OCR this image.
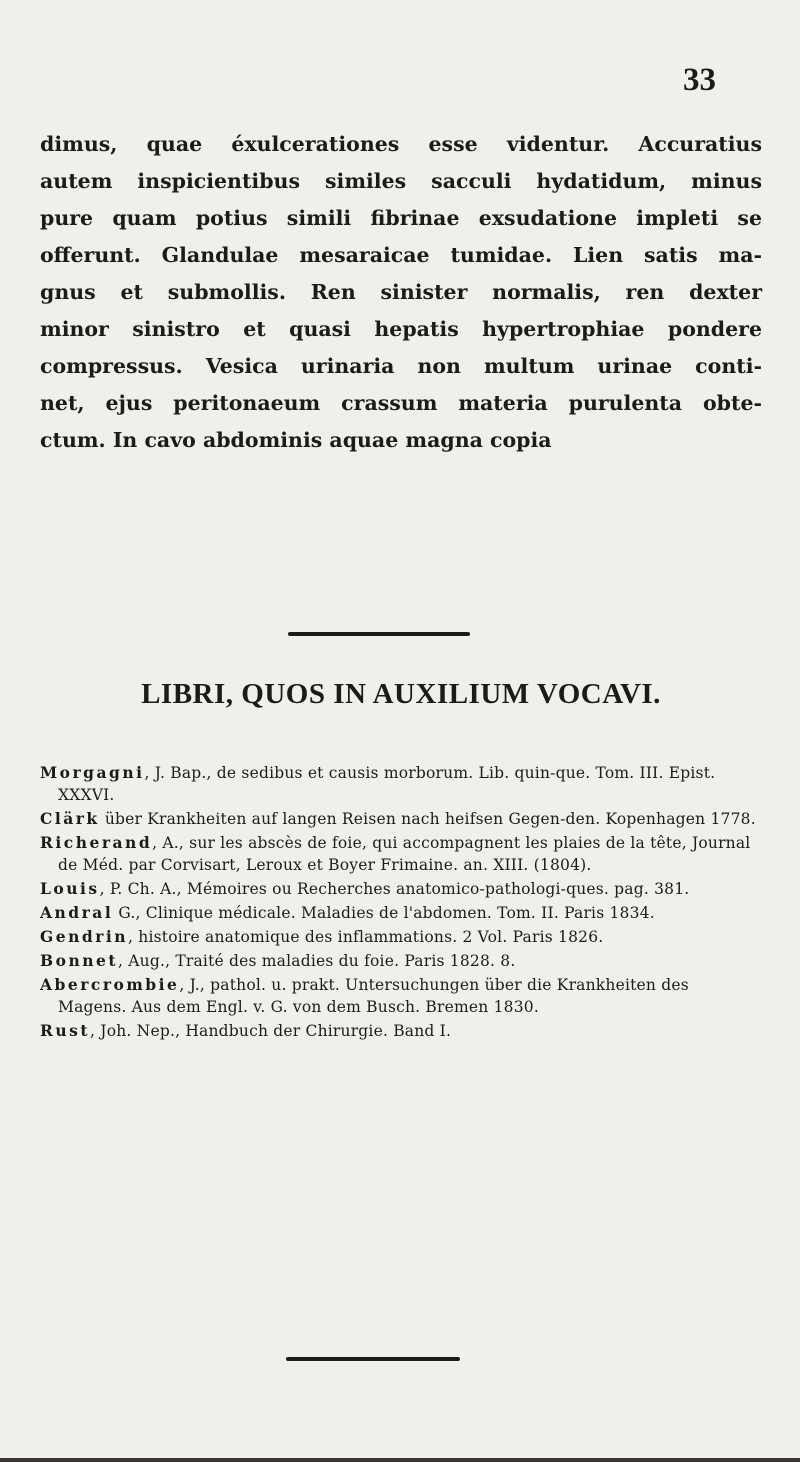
33
dimus, quae éxulcerationes esse videntur. Accuratius
autem inspicientibus similes sacculi hydatidum, minus
pure quam potius simili fibrinae exsudatione impleti se
offerunt. Glandulae mesaraicae tumidae. Lien satis ma-
gnus et submollis. Ren sinister normalis, ren dexter
minor sinistro et quasi hepatis hypertrophiae pondere
compressus. Vesica urinaria non multum urinae conti-
net, ejus peritonaeum crassum materia purulenta obte-
ctum. In cavo abdominis aquae magna copia
LIBRI, QUOS IN AUXILIUM VOCAVI.
Morgagni, J. Bap., de sedibus et causis morborum. Lib. quin-que. Tom. III. Epist. XXXVI.
Clärk über Krankheiten auf langen Reisen nach heifsen Gegen-den. Kopenhagen 1778.
Richerand, A., sur les abscès de foie, qui accompagnent les plaies de la tête, Journal de Méd. par Corvisart, Leroux et Boyer Frimaine. an. XIII. (1804).
Louis, P. Ch. A., Mémoires ou Recherches anatomico-pathologi-ques. pag. 381.
Andral G., Clinique médicale. Maladies de l'abdomen. Tom. II. Paris 1834.
Gendrin, histoire anatomique des inflammations. 2 Vol. Paris 1826.
Bonnet, Aug., Traité des maladies du foie. Paris 1828. 8.
Abercrombie, J., pathol. u. prakt. Untersuchungen über die Krankheiten des Magens. Aus dem Engl. v. G. von dem Busch. Bremen 1830.
Rust, Joh. Nep., Handbuch der Chirurgie. Band I.
